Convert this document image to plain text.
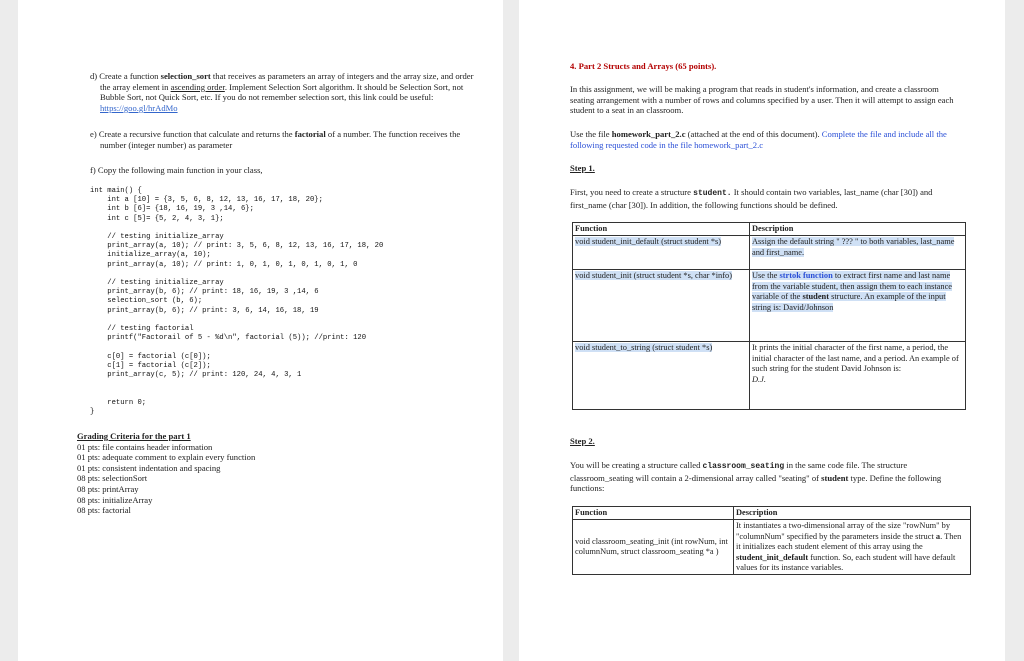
d) Create a function selection_sort that receives as parameters an array of integers and the array size, and order the array element in ascending order. Implement Selection Sort algorithm. It should be Selection Sort, not Bubble Sort, not Quick Sort, etc. If you do not remember selection sort, this link could be useful: https://goo.gl/hrAdMo
e) Create a recursive function that calculate and returns the factorial of a number. The function receives the number (integer number) as parameter
f) Copy the following main function in your class,
int main() {
int a [10] = {3, 5, 6, 8, 12, 13, 16, 17, 18, 20};
int b [6]= {18, 16, 19, 3 ,14, 6};
int c [5]= {5, 2, 4, 3, 1};

// testing initialize_array
print_array(a, 10); // print: 3, 5, 6, 8, 12, 13, 16, 17, 18, 20
initialize_array(a, 10);
print_array(a, 10); // print: 1, 0, 1, 0, 1, 0, 1, 0, 1, 0

// testing initialize_array
print_array(b, 6); // print: 18, 16, 19, 3 ,14, 6
selection_sort (b, 6);
print_array(b, 6); // print: 3, 6, 14, 16, 18, 19

// testing factorial
printf("Factorail of 5 - %d\n", factorial (5)); //print: 120

c[0] = factorial (c[0]);
c[1] = factorial (c[2]);
print_array(c, 5); // print: 120, 24, 4, 3, 1

return 0;
}
Grading Criteria for the part 1
01 pts: file contains header information
01 pts: adequate comment to explain every function
01 pts: consistent indentation and spacing
08 pts: selectionSort
08 pts: printArray
08 pts: initializeArray
08 pts: factorial
4. Part 2 Structs and Arrays (65 points).
In this assignment, we will be making a program that reads in student's information, and create a classroom seating arrangement with a number of rows and columns specified by a user. Then it will attempt to assign each student to a seat in an classroom.
Use the file homework_part_2.c (attached at the end of this document). Complete the file and include all the following requested code in the file homework_part_2.c
Step 1.
First, you need to create a structure student. It should contain two variables, last_name (char [30]) and first_name (char [30]). In addition, the following functions should be defined.
Function	Description
void student_init_default (struct student *s)	Assign the default string " ??? " to both variables, last_name and first_name.
void student_init (struct student *s, char *info)	Use the strtok function to extract first name and last name from the variable student, then assign them to each instance variable of the student structure. An example of the input string is: David/Johnson
void student_to_string (struct student *s)	It prints the initial character of the first name, a period, the initial character of the last name, and a period. An example of such string for the student David Johnson is:
D.J.
Step 2.
You will be creating a structure called classroom_seating in the same code file. The structure classroom_seating will contain a 2-dimensional array called "seating" of student type. Define the following functions:
Function	Description
void classroom_seating_init (int rowNum, int columnNum, struct classroom_seating *a )	It instantiates a two-dimensional array of the size "rowNum" by "columnNum" specified by the parameters inside the struct a. Then it initializes each student element of this array using the student_init_default function. So, each student will have default values for its instance variables.
